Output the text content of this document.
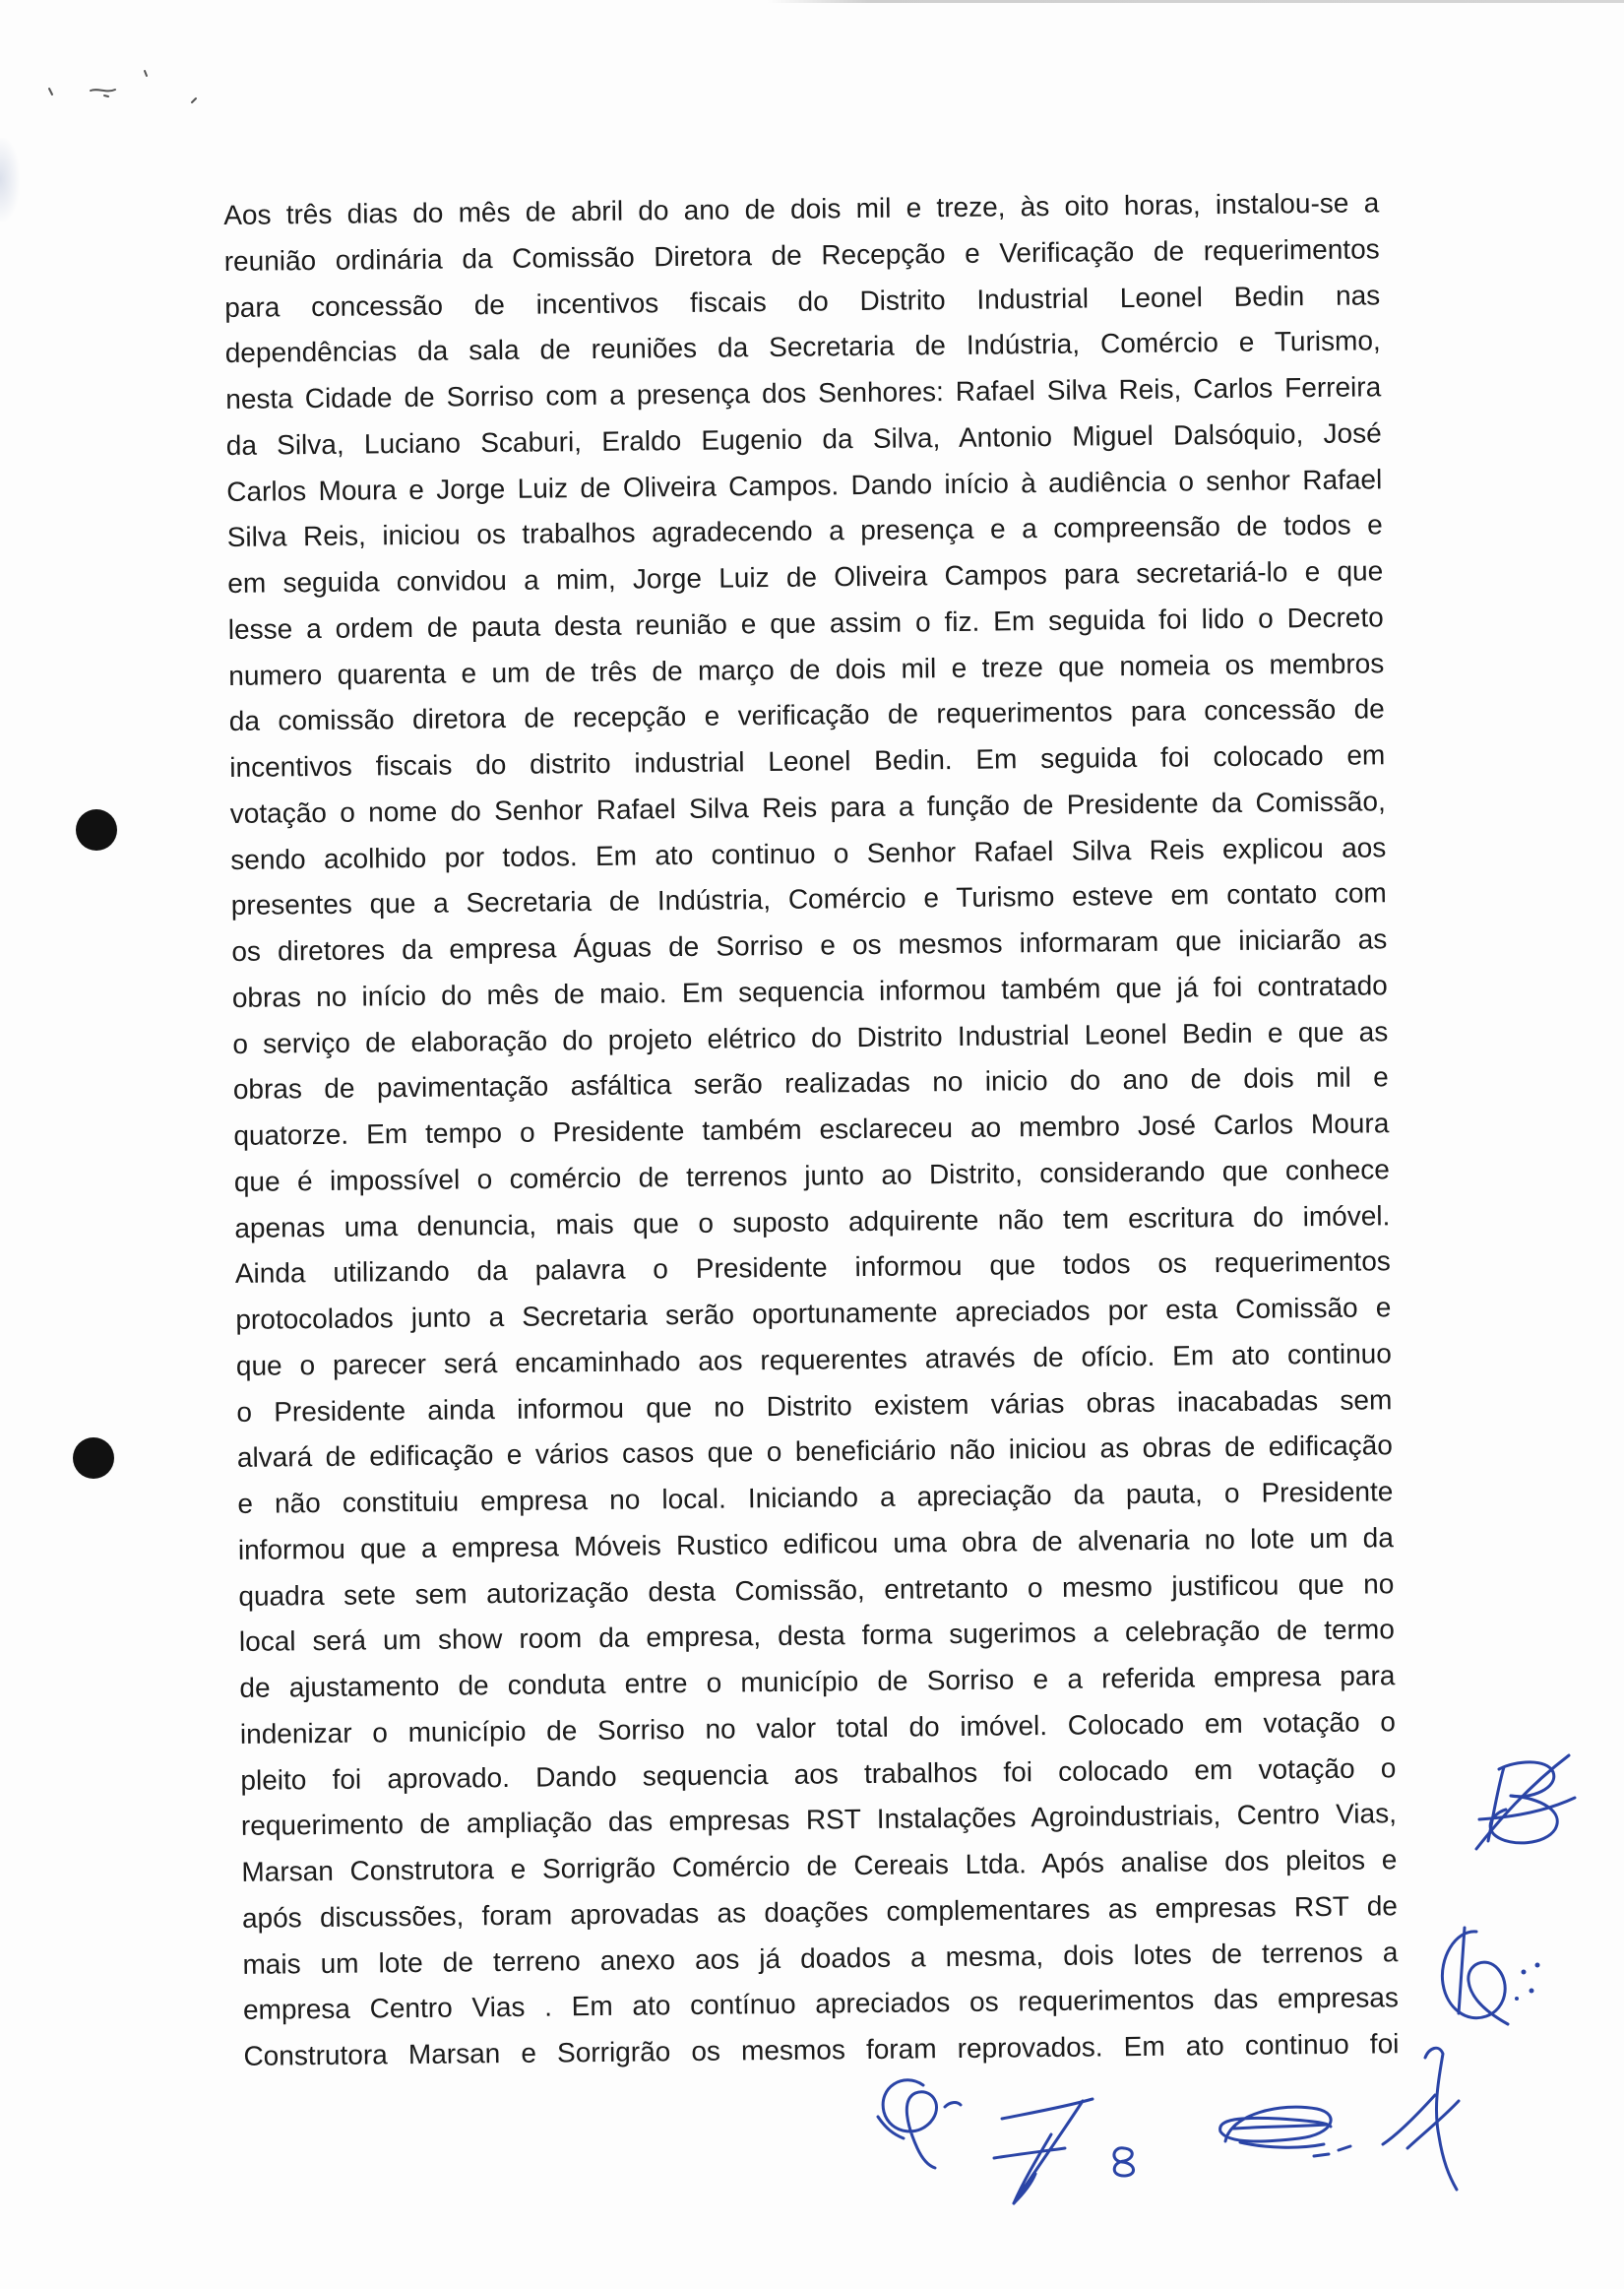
Aos três dias do mês de abril do ano de dois mil e treze, às oito horas, instalou-se a
reunião ordinária da Comissão Diretora de Recepção e Verificação de requerimentos
para concessão de incentivos fiscais do Distrito Industrial Leonel Bedin nas
dependências da sala de reuniões da Secretaria de Indústria, Comércio e Turismo,
nesta Cidade de Sorriso com a presença dos Senhores: Rafael Silva Reis, Carlos Ferreira
da Silva, Luciano Scaburi, Eraldo Eugenio da Silva, Antonio Miguel Dalsóquio, José
Carlos Moura e Jorge Luiz de Oliveira Campos. Dando início à audiência o senhor Rafael
Silva Reis, iniciou os trabalhos agradecendo a presença e a compreensão de todos e
em seguida convidou a mim, Jorge Luiz de Oliveira Campos para secretariá-lo e que
lesse a ordem de pauta desta reunião e que assim o fiz. Em seguida foi lido o Decreto
numero quarenta e um de três de março de dois mil e treze que nomeia os membros
da comissão diretora de recepção e verificação de requerimentos para concessão de
incentivos fiscais do distrito industrial Leonel Bedin. Em seguida foi colocado em
votação o nome do Senhor Rafael Silva Reis para a função de Presidente da Comissão,
sendo acolhido por todos. Em ato continuo o Senhor Rafael Silva Reis explicou aos
presentes que a Secretaria de Indústria, Comércio e Turismo esteve em contato com
os diretores da empresa Águas de Sorriso e os mesmos informaram que iniciarão as
obras no início do mês de maio. Em sequencia informou também que já foi contratado
o serviço de elaboração do projeto elétrico do Distrito Industrial Leonel Bedin e que as
obras de pavimentação asfáltica serão realizadas no inicio do ano de dois mil e
quatorze. Em tempo o Presidente também esclareceu ao membro José Carlos Moura
que é impossível o comércio de terrenos junto ao Distrito, considerando que conhece
apenas uma denuncia, mais que o suposto adquirente não tem escritura do imóvel.
Ainda utilizando da palavra o Presidente informou que todos os requerimentos
protocolados junto a Secretaria serão oportunamente apreciados por esta Comissão e
que o parecer será encaminhado aos requerentes através de ofício. Em ato continuo
o Presidente ainda informou que no Distrito existem várias obras inacabadas sem
alvará de edificação e vários casos que o beneficiário não iniciou as obras de edificação
e não constituiu empresa no local. Iniciando a apreciação da pauta, o Presidente
informou que a empresa Móveis Rustico edificou uma obra de alvenaria no lote um da
quadra sete sem autorização desta Comissão, entretanto o mesmo justificou que no
local será um show room da empresa, desta forma sugerimos a celebração de termo
de ajustamento de conduta entre o município de Sorriso e a referida empresa para
indenizar o município de Sorriso no valor total do imóvel. Colocado em votação o
pleito foi aprovado. Dando sequencia aos trabalhos foi colocado em votação o
requerimento de ampliação das empresas RST Instalações Agroindustriais, Centro Vias,
Marsan Construtora e Sorrigrão Comércio de Cereais Ltda. Após analise dos pleitos e
após discussões, foram aprovadas as doações complementares as empresas RST de
mais um lote de terreno anexo aos já doados a mesma, dois lotes de terrenos a
empresa Centro Vias . Em ato contínuo apreciados os requerimentos das empresas
Construtora Marsan e Sorrigrão os mesmos foram reprovados. Em ato continuo foi
